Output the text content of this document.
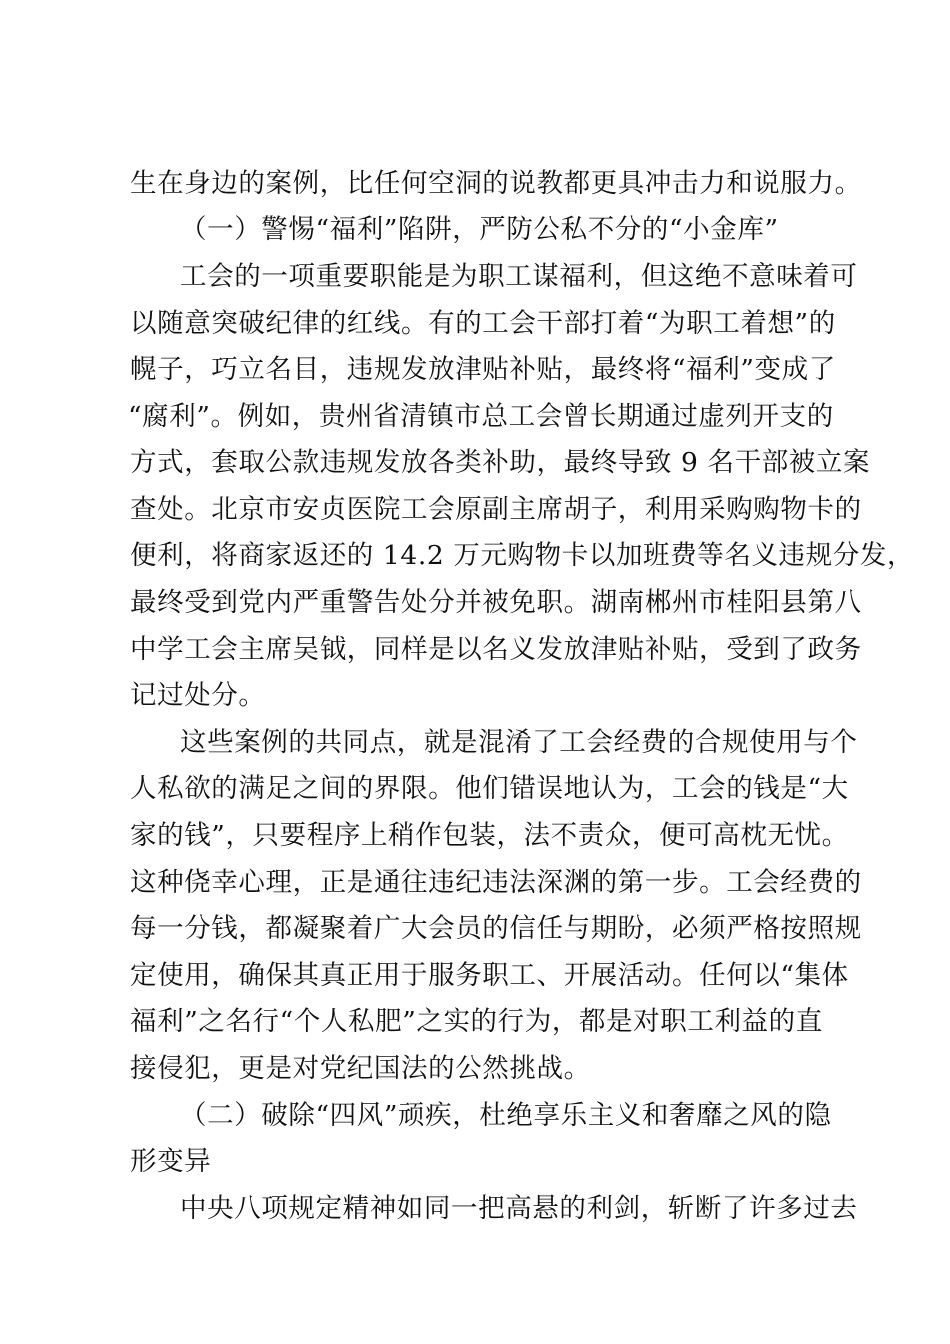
生在身边的案例，比任何空洞的说教都更具冲击力和说服力。
（一）警惕“福利”陷阱，严防公私不分的“小金库”
工会的一项重要职能是为职工谋福利，但这绝不意味着可
以随意突破纪律的红线。有的工会干部打着“为职工着想”的
幌子，巧立名目，违规发放津贴补贴，最终将“福利”变成了
“腐利”。例如，贵州省清镇市总工会曾长期通过虚列开支的
方式，套取公款违规发放各类补助，最终导致 9 名干部被立案
查处。北京市安贞医院工会原副主席胡子，利用采购购物卡的
便利，将商家返还的 14.2 万元购物卡以加班费等名义违规分发，
最终受到党内严重警告处分并被免职。湖南郴州市桂阳县第八
中学工会主席吴钺，同样是以名义发放津贴补贴，受到了政务
记过处分。
这些案例的共同点，就是混淆了工会经费的合规使用与个
人私欲的满足之间的界限。他们错误地认为，工会的钱是“大
家的钱”，只要程序上稍作包装，法不责众，便可高枕无忧。
这种侥幸心理，正是通往违纪违法深渊的第一步。工会经费的
每一分钱，都凝聚着广大会员的信任与期盼，必须严格按照规
定使用，确保其真正用于服务职工、开展活动。任何以“集体
福利”之名行“个人私肥”之实的行为，都是对职工利益的直
接侵犯，更是对党纪国法的公然挑战。
（二）破除“四风”顽疾，杜绝享乐主义和奢靡之风的隐
形变异
中央八项规定精神如同一把高悬的利剑，斩断了许多过去
